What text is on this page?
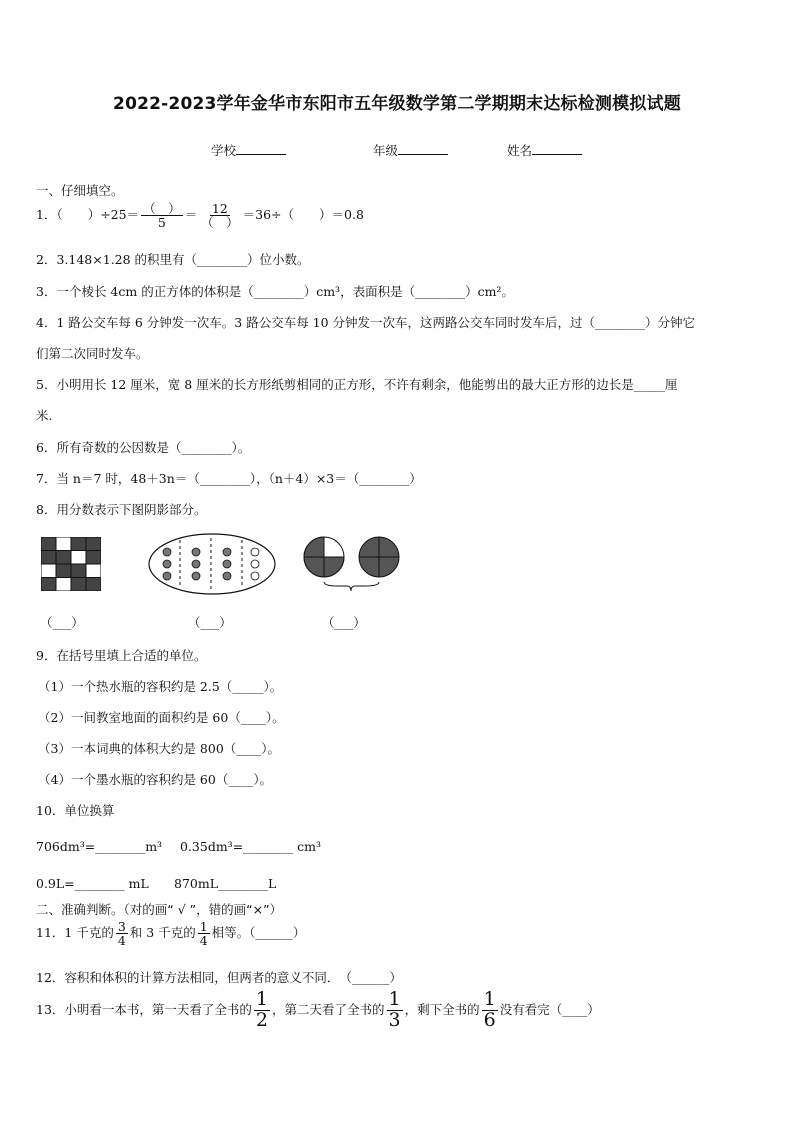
2022-2023学年金华市东阳市五年级数学第二学期期末达标检测模拟试题
学校	年级	姓名
一、仔细填空。
1．（　　）$\div 25= \frac{( )}{5} = \frac{12}{( )} =36\div$（　　）＝0.8
2．3.148×1.28 的积里有（________）位小数。
3．一个棱长 4cm 的正方体的体积是（________）cm³，表面积是（________）cm²。
4．1 路公交车每 6 分钟发一次车。3 路公交车每 10 分钟发一次车，这两路公交车同时发车后，过（________）分钟它
们第二次同时发车。
5．小明用长 12 厘米，宽 8 厘米的长方形纸剪相同的正方形，不许有剩余，他能剪出的最大正方形的边长是_____厘
米.
6．所有奇数的公因数是（________）。
7．当 n＝7 时，48＋3n＝（________），（n＋4）×3＝（________）
8．用分数表示下图阴影部分。
（___）	（___）	（___）
9．在括号里填上合适的单位。
（1）一个热水瓶的容积约是 2.5（_____）。
（2）一间教室地面的面积约是 60（____）。
（3）一本词典的体积大约是 800（____）。
（4）一个墨水瓶的容积约是 60（____）。
10．单位换算
706dm³=________m³ 0.35dm³=________ cm³
0.9L=________ mL 870mL________L
二、准确判断。（对的画“ √ ”，错的画“×”）
11．1 千克的 $\frac{3}{4}$ 和 3 千克的 $\frac{1}{4}$ 相等。（______）
12．容积和体积的计算方法相同，但两者的意义不同．　（______）
13．小明看一本书，第一天看了全书的 $\frac{1}{2}$ ，第二天看了全书的 $\frac{1}{3}$ ，剩下全书的 $\frac{1}{6}$ 没有看完（____）
